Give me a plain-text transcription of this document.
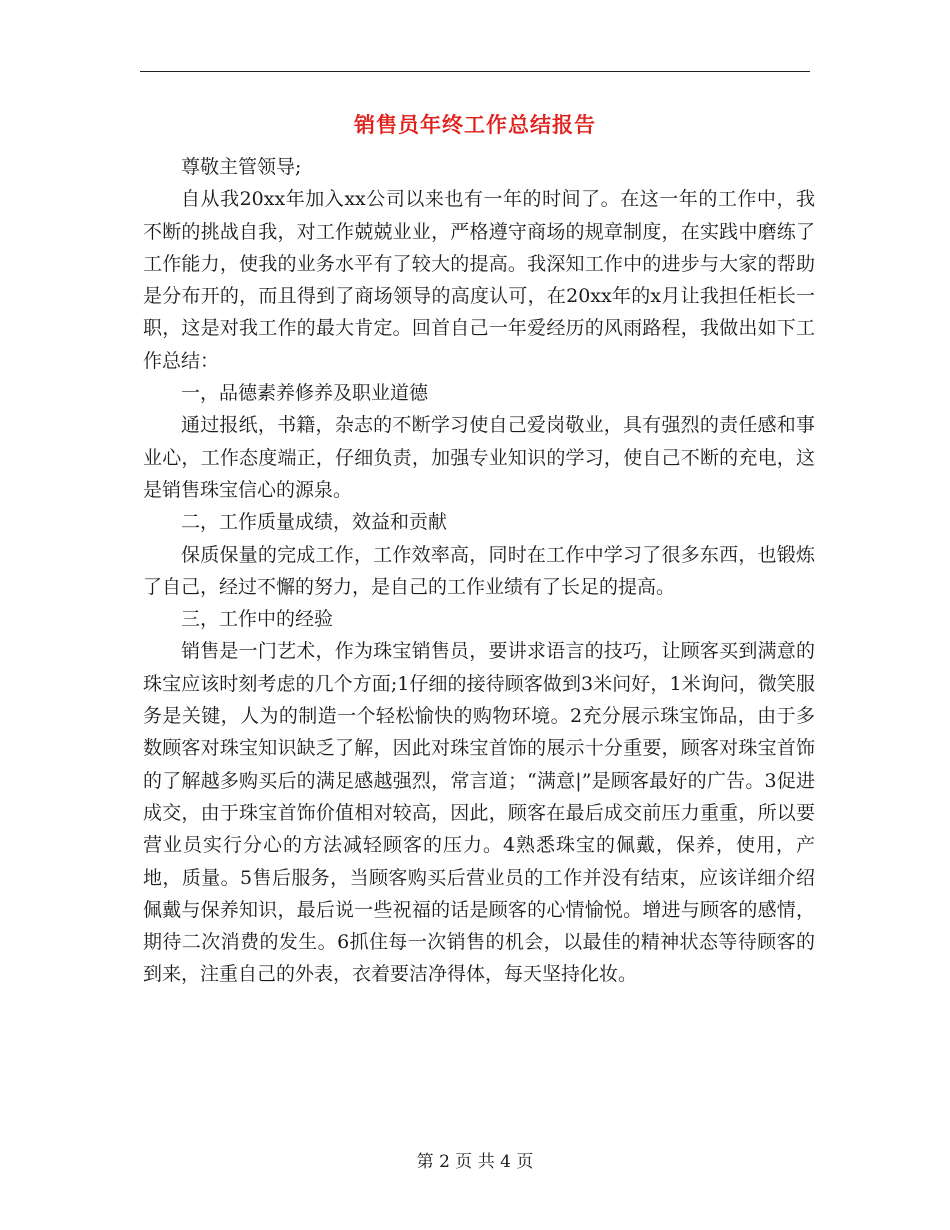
销售员年终工作总结报告

尊敬主管领导;

自从我20xx年加入xx公司以来也有一年的时间了。在这一年的工作中，我不断的挑战自我，对工作兢兢业业，严格遵守商场的规章制度，在实践中磨练了工作能力，使我的业务水平有了较大的提高。我深知工作中的进步与大家的帮助是分布开的，而且得到了商场领导的高度认可，在20xx年的x月让我担任柜长一职，这是对我工作的最大肯定。回首自己一年爱经历的风雨路程，我做出如下工作总结：

一，品德素养修养及职业道德

通过报纸，书籍，杂志的不断学习使自己爱岗敬业，具有强烈的责任感和事业心，工作态度端正，仔细负责，加强专业知识的学习，使自己不断的充电，这是销售珠宝信心的源泉。

二，工作质量成绩，效益和贡献

保质保量的完成工作，工作效率高，同时在工作中学习了很多东西，也锻炼了自己，经过不懈的努力，是自己的工作业绩有了长足的提高。

三，工作中的经验

销售是一门艺术，作为珠宝销售员，要讲求语言的技巧，让顾客买到满意的珠宝应该时刻考虑的几个方面;1仔细的接待顾客做到3米问好，1米询问，微笑服务是关键，人为的制造一个轻松愉快的购物环境。2充分展示珠宝饰品，由于多数顾客对珠宝知识缺乏了解，因此对珠宝首饰的展示十分重要，顾客对珠宝首饰的了解越多购买后的满足感越强烈，常言道；“满意|”是顾客最好的广告。3促进成交，由于珠宝首饰价值相对较高，因此，顾客在最后成交前压力重重，所以要营业员实行分心的方法减轻顾客的压力。4熟悉珠宝的佩戴，保养，使用，产地，质量。5售后服务，当顾客购买后营业员的工作并没有结束，应该详细介绍佩戴与保养知识，最后说一些祝福的话是顾客的心情愉悦。增进与顾客的感情，期待二次消费的发生。6抓住每一次销售的机会，以最佳的精神状态等待顾客的到来，注重自己的外表，衣着要洁净得体，每天坚持化妆。

第 2 页 共 4 页
